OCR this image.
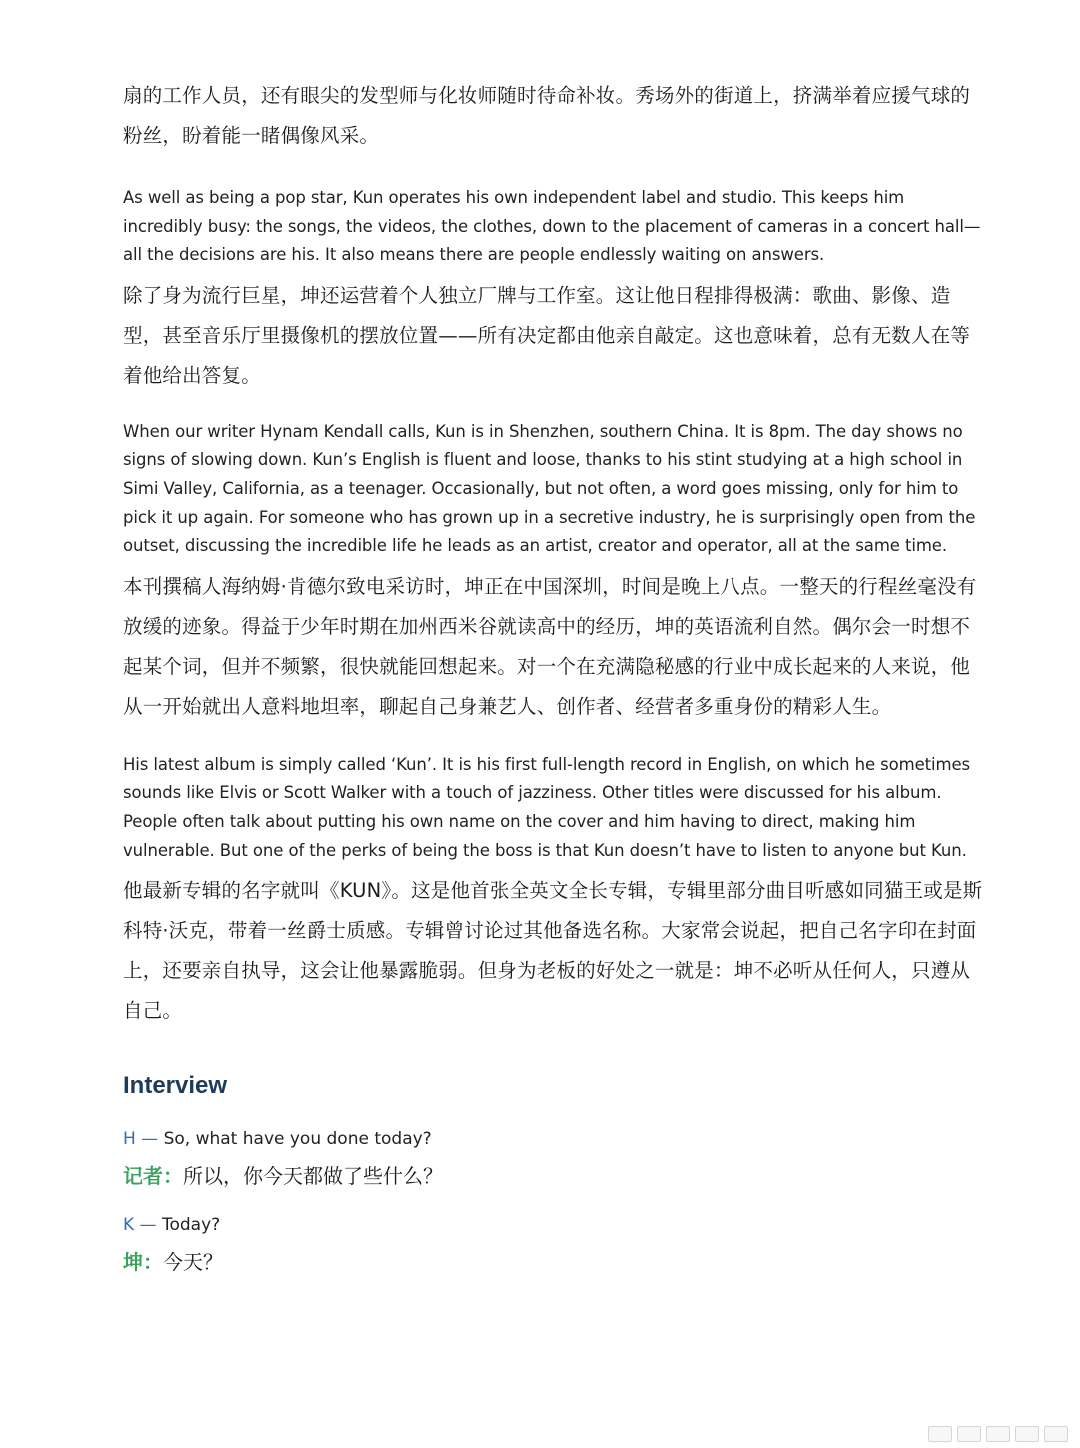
扇的工作人员，还有眼尖的发型师与化妆师随时待命补妆。秀场外的街道上，挤满举着应援气球的粉丝，盼着能一睹偶像风采。

As well as being a pop star, Kun operates his own independent label and studio. This keeps him incredibly busy: the songs, the videos, the clothes, down to the placement of cameras in a concert hall—all the decisions are his. It also means there are people endlessly waiting on answers.

除了身为流行巨星，坤还运营着个人独立厂牌与工作室。这让他日程排得极满：歌曲、影像、造型，甚至音乐厅里摄像机的摆放位置——所有决定都由他亲自敲定。这也意味着，总有无数人在等着他给出答复。

When our writer Hynam Kendall calls, Kun is in Shenzhen, southern China. It is 8pm. The day shows no signs of slowing down. Kun’s English is fluent and loose, thanks to his stint studying at a high school in Simi Valley, California, as a teenager. Occasionally, but not often, a word goes missing, only for him to pick it up again. For someone who has grown up in a secretive industry, he is surprisingly open from the outset, discussing the incredible life he leads as an artist, creator and operator, all at the same time.

本刊撰稿人海纳姆·肯德尔致电采访时，坤正在中国深圳，时间是晚上八点。一整天的行程丝毫没有放缓的迹象。得益于少年时期在加州西米谷就读高中的经历，坤的英语流利自然。偶尔会一时想不起某个词，但并不频繁，很快就能回想起来。对一个在充满隐秘感的行业中成长起来的人来说，他从一开始就出人意料地坦率，聊起自己身兼艺人、创作者、经营者多重身份的精彩人生。

His latest album is simply called ‘Kun’. It is his first full-length record in English, on which he sometimes sounds like Elvis or Scott Walker with a touch of jazziness. Other titles were discussed for his album. People often talk about putting his own name on the cover and him having to direct, making him vulnerable. But one of the perks of being the boss is that Kun doesn’t have to listen to anyone but Kun.

他最新专辑的名字就叫《KUN》。这是他首张全英文全长专辑，专辑里部分曲目听感如同猫王或是斯科特·沃克，带着一丝爵士质感。专辑曾讨论过其他备选名称。大家常会说起，把自己名字印在封面上，还要亲自执导，这会让他暴露脆弱。但身为老板的好处之一就是：坤不必听从任何人，只遵从自己。

Interview

H — So, what have you done today?

记者：所以，你今天都做了些什么？

K — Today?

坤：今天？
